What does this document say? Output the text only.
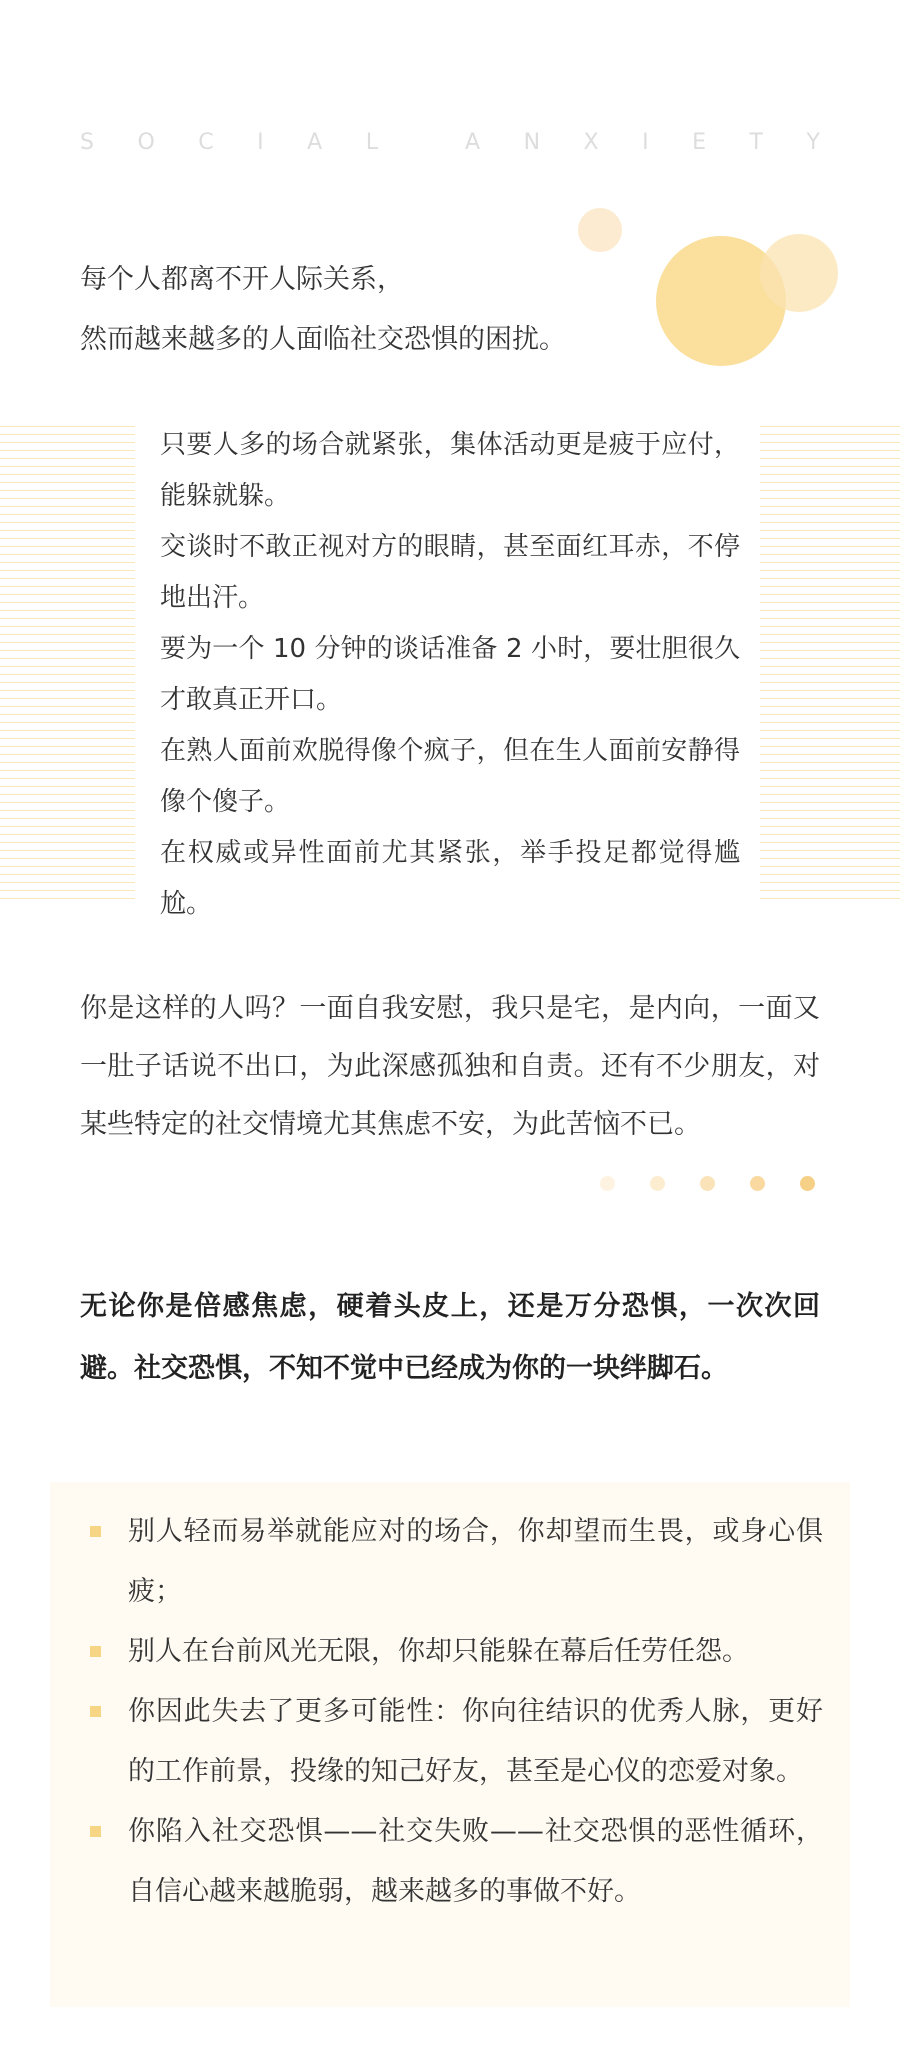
S O C I A L	A N X I E T Y
每个人都离不开人际关系，
然而越来越多的人面临社交恐惧的困扰。

只要人多的场合就紧张，集体活动更是疲于应付，能躲就躲。

交谈时不敢正视对方的眼睛，甚至面红耳赤，不停地出汗。

要为一个 10 分钟的谈话准备 2 小时，要壮胆很久才敢真正开口。

在熟人面前欢脱得像个疯子，但在生人面前安静得像个傻子。

在权威或异性面前尤其紧张，举手投足都觉得尴尬。

你是这样的人吗？一面自我安慰，我只是宅，是内向，一面又一肚子话说不出口，为此深感孤独和自责。还有不少朋友，对某些特定的社交情境尤其焦虑不安，为此苦恼不已。
无论你是倍感焦虑，硬着头皮上，还是万分恐惧，一次次回避。社交恐惧，不知不觉中已经成为你的一块绊脚石。
别人轻而易举就能应对的场合，你却望而生畏，或身心俱疲；
别人在台前风光无限，你却只能躲在幕后任劳任怨。
你因此失去了更多可能性：你向往结识的优秀人脉，更好的工作前景，投缘的知己好友，甚至是心仪的恋爱对象。
你陷入社交恐惧——社交失败——社交恐惧的恶性循环，自信心越来越脆弱，越来越多的事做不好。
